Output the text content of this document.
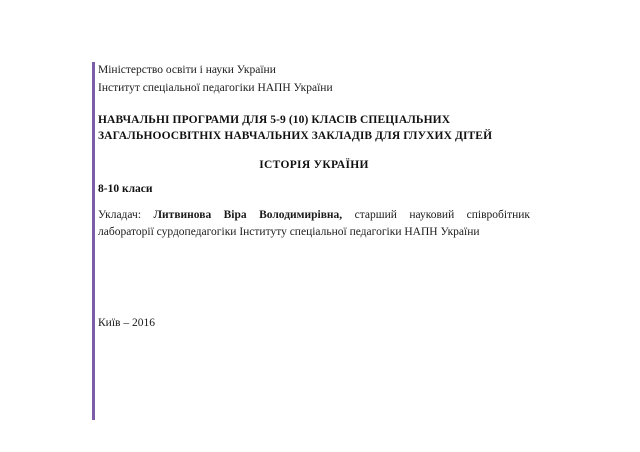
Міністерство освіти і науки України
Інститут спеціальної педагогіки НАПН України
НАВЧАЛЬНІ ПРОГРАМИ ДЛЯ 5-9 (10) КЛАСІВ СПЕЦІАЛЬНИХ ЗАГАЛЬНООСВІТНІХ НАВЧАЛЬНИХ ЗАКЛАДІВ ДЛЯ ГЛУХИХ ДІТЕЙ
ІСТОРІЯ УКРАЇНИ
8-10 класи
Укладач: Литвинова Віра Володимирівна, старший науковий співробітник лабораторії сурдопедагогіки Інституту спеціальної педагогіки НАПН України
Київ – 2016
